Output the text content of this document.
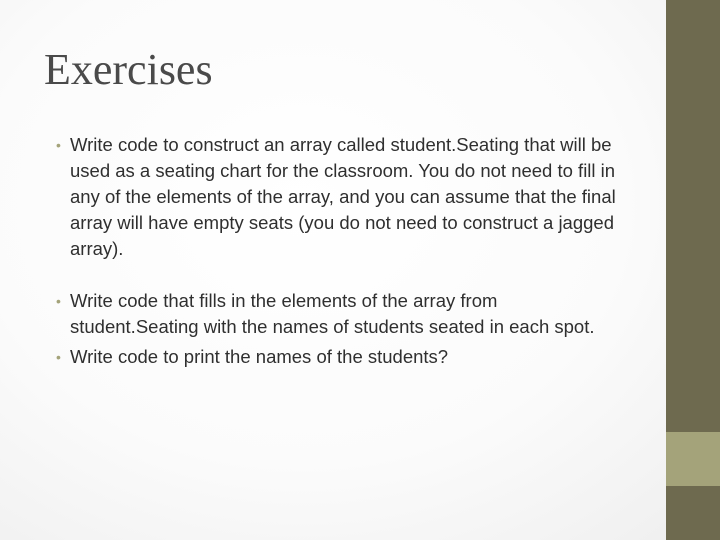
Exercises
• Write code to construct an array called student.Seating that will be used as a seating chart for the classroom. You do not need to fill in any of the elements of the array, and you can assume that the final array will have empty seats (you do not need to construct a jagged array).
• Write code that fills in the elements of the array from student.Seating with the names of students seated in each spot.
• Write code to print the names of the students?
